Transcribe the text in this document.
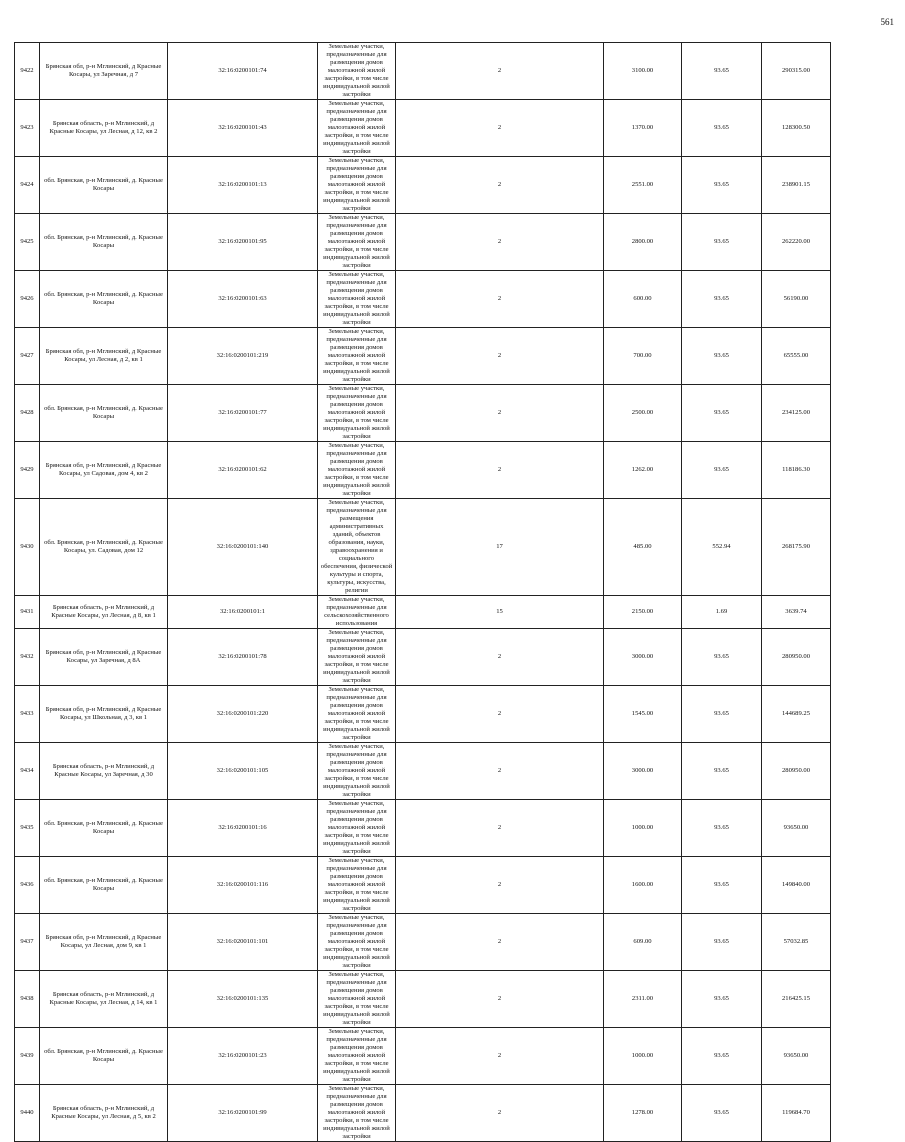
561
9422	Брянская обл, р-н Мглинский, д Красные Косары, ул Заречная, д 7	32:16:0200101:74	Земельные участки, предназначенные для размещения домов малоэтажной жилой застройки, в том числе индивидуальной жилой застройки	2	3100.00	93.65	290315.00
9423	Брянская область, р-н Мглинский, д Красные Косары, ул Лесная, д 12, кв 2	32:16:0200101:43	Земельные участки, предназначенные для размещения домов малоэтажной жилой застройки, в том числе индивидуальной жилой застройки	2	1370.00	93.65	128300.50
9424	обл. Брянская, р-н Мглинский, д. Красные Косары	32:16:0200101:13	Земельные участки, предназначенные для размещения домов малоэтажной жилой застройки, в том числе индивидуальной жилой застройки	2	2551.00	93.65	238901.15
9425	обл. Брянская, р-н Мглинский, д. Красные Косары	32:16:0200101:95	Земельные участки, предназначенные для размещения домов малоэтажной жилой застройки, в том числе индивидуальной жилой застройки	2	2800.00	93.65	262220.00
9426	обл. Брянская, р-н Мглинский, д. Красные Косары	32:16:0200101:63	Земельные участки, предназначенные для размещения домов малоэтажной жилой застройки, в том числе индивидуальной жилой застройки	2	600.00	93.65	56190.00
9427	Брянская обл, р-н Мглинский, д Красные Косары, ул Лесная, д 2, кв 1	32:16:0200101:219	Земельные участки, предназначенные для размещения домов малоэтажной жилой застройки, в том числе индивидуальной жилой застройки	2	700.00	93.65	65555.00
9428	обл. Брянская, р-н Мглинский, д. Красные Косары	32:16:0200101:77	Земельные участки, предназначенные для размещения домов малоэтажной жилой застройки, в том числе индивидуальной жилой застройки	2	2500.00	93.65	234125.00
9429	Брянская обл, р-н Мглинский, д Красные Косары, ул Садовая, дом 4, кв 2	32:16:0200101:62	Земельные участки, предназначенные для размещения домов малоэтажной жилой застройки, в том числе индивидуальной жилой застройки	2	1262.00	93.65	118186.30
9430	обл. Брянская, р-н Мглинский, д. Красные Косары, ул. Садовая, дом 12	32:16:0200101:140	Земельные участки, предназначенные для размещения административных зданий, объектов образования, науки, здравоохранения и социального обеспечения, физической культуры и спорта, культуры, искусства, религии	17	485.00	552.94	268175.90
9431	Брянская область, р-н Мглинский, д Красные Косары, ул Лесная, д 8, кв 1	32:16:0200101:1	Земельные участки, предназначенные для сельскохозяйственного использования	15	2150.00	1.69	3639.74
9432	Брянская обл, р-н Мглинский, д Красные Косары, ул Заречная, д 8А	32:16:0200101:78	Земельные участки, предназначенные для размещения домов малоэтажной жилой застройки, в том числе индивидуальной жилой застройки	2	3000.00	93.65	280950.00
9433	Брянская обл, р-н Мглинский, д Красные Косары, ул Школьная, д 3, кв 1	32:16:0200101:220	Земельные участки, предназначенные для размещения домов малоэтажной жилой застройки, в том числе индивидуальной жилой застройки	2	1545.00	93.65	144689.25
9434	Брянская область, р-н Мглинский, д Красные Косары, ул Заречная, д 30	32:16:0200101:105	Земельные участки, предназначенные для размещения домов малоэтажной жилой застройки, в том числе индивидуальной жилой застройки	2	3000.00	93.65	280950.00
9435	обл. Брянская, р-н Мглинский, д. Красные Косары	32:16:0200101:16	Земельные участки, предназначенные для размещения домов малоэтажной жилой застройки, в том числе индивидуальной жилой застройки	2	1000.00	93.65	93650.00
9436	обл. Брянская, р-н Мглинский, д. Красные Косары	32:16:0200101:116	Земельные участки, предназначенные для размещения домов малоэтажной жилой застройки, в том числе индивидуальной жилой застройки	2	1600.00	93.65	149840.00
9437	Брянская обл, р-н Мглинский, д Красные Косары, ул Лесная, дом 9, кв 1	32:16:0200101:101	Земельные участки, предназначенные для размещения домов малоэтажной жилой застройки, в том числе индивидуальной жилой застройки	2	609.00	93.65	57032.85
9438	Брянская область, р-н Мглинский, д Красные Косары, ул Лесная, д 14, кв 1	32:16:0200101:135	Земельные участки, предназначенные для размещения домов малоэтажной жилой застройки, в том числе индивидуальной жилой застройки	2	2311.00	93.65	216425.15
9439	обл. Брянская, р-н Мглинский, д. Красные Косары	32:16:0200101:23	Земельные участки, предназначенные для размещения домов малоэтажной жилой застройки, в том числе индивидуальной жилой застройки	2	1000.00	93.65	93650.00
9440	Брянская область, р-н Мглинский, д Красные Косары, ул Лесная, д 5, кв 2	32:16:0200101:99	Земельные участки, предназначенные для размещения домов малоэтажной жилой застройки, в том числе индивидуальной жилой застройки	2	1278.00	93.65	119684.70
